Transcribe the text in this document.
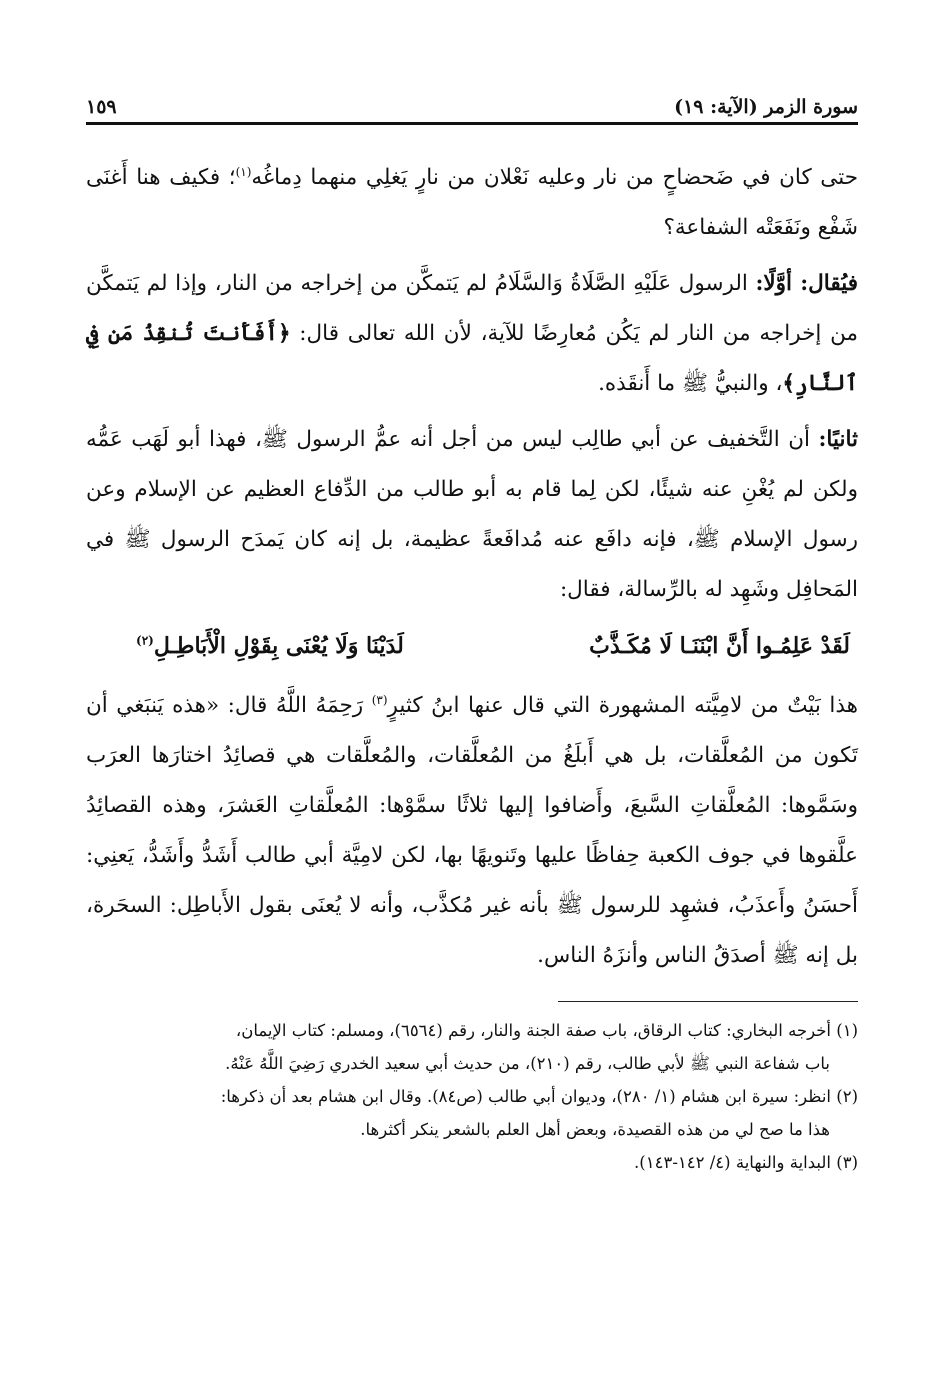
سورة الزمر (الآية: ١٩)
١٥٩

حتى كان في ضَحضاحٍ من نار وعليه نَعْلان من نارٍ يَغلِي منهما دِماغُه$^{(١)}$؛ فكيف هنا أَغنَى شَفْع ونَفَعَتْه الشفاعة؟

فيُقال: أوَّلًا: الرسول عَلَيْهِ الصَّلَاةُ وَالسَّلَامُ لم يَتمكَّن من إخراجه من النار، وإذا لم يَتمكَّن من إخراجه من النار لم يَكُن مُعارِضًا للآية، لأن الله تعالى قال: ﴿أَفَأَنتَ تُنقِذُ مَن فِي ٱلنَّارِ﴾، والنبيُّ ﷺ ما أَنقَذه.

ثانيًا: أن التَّخفيف عن أبي طالِب ليس من أجل أنه عمُّ الرسول ﷺ، فهذا أبو لَهَب عَمُّه ولكن لم يُغْنِ عنه شيئًا، لكن لِما قام به أبو طالب من الدِّفاع العظيم عن الإسلام وعن رسول الإسلام ﷺ، فإنه دافَع عنه مُدافَعةً عظيمة، بل إنه كان يَمدَح الرسول ﷺ في المَحافِل وشَهِد له بالرِّسالة، فقال:

لَقَدْ عَلِمُـوا أَنَّ ابْنَنَـا لَا مُكَـذَّبٌ
لَدَيْنَا وَلَا يُعْنَى بِقَوْلِ الْأَبَاطِـلِ$^{(٢)}$

هذا بَيْتٌ من لامِيَّته المشهورة التي قال عنها ابنُ كثيرٍ$^{(٣)}$ رَحِمَهُ اللَّهُ قال: «هذه يَنبَغي أن تَكون من المُعلَّقات، بل هي أَبلَغُ من المُعلَّقات، والمُعلَّقات هي قصائِدُ اختارَها العرَب وسَمَّوها: المُعلَّقاتِ السَّبعَ، وأَضافوا إليها ثلاثًا سمَّوْها: المُعلَّقاتِ العَشرَ، وهذه القصائِدُ علَّقوها في جوف الكعبة حِفاظًا عليها وتَنويهًا بها، لكن لامِيَّة أبي طالب أَشَدُّ وأَشَدُّ، يَعنِي: أَحسَنُ وأَعذَبُ، فشهِد للرسول ﷺ بأنه غير مُكذَّب، وأنه لا يُعنَى بقول الأَباطِل: السحَرة، بل إنه ﷺ أصدَقُ الناس وأنزَهُ الناس.

(١) أخرجه البخاري: كتاب الرقاق، باب صفة الجنة والنار، رقم (٦٥٦٤)، ومسلم: كتاب الإيمان،

باب شفاعة النبي ﷺ لأبي طالب، رقم (٢١٠)، من حديث أبي سعيد الخدري رَضِيَ اللَّهُ عَنْهُ.

(٢) انظر: سيرة ابن هشام (١/ ٢٨٠)، وديوان أبي طالب (ص٨٤). وقال ابن هشام بعد أن ذكرها:

هذا ما صح لي من هذه القصيدة، وبعض أهل العلم بالشعر ينكر أكثرها.

(٣) البداية والنهاية (٤/ ١٤٢-١٤٣).
